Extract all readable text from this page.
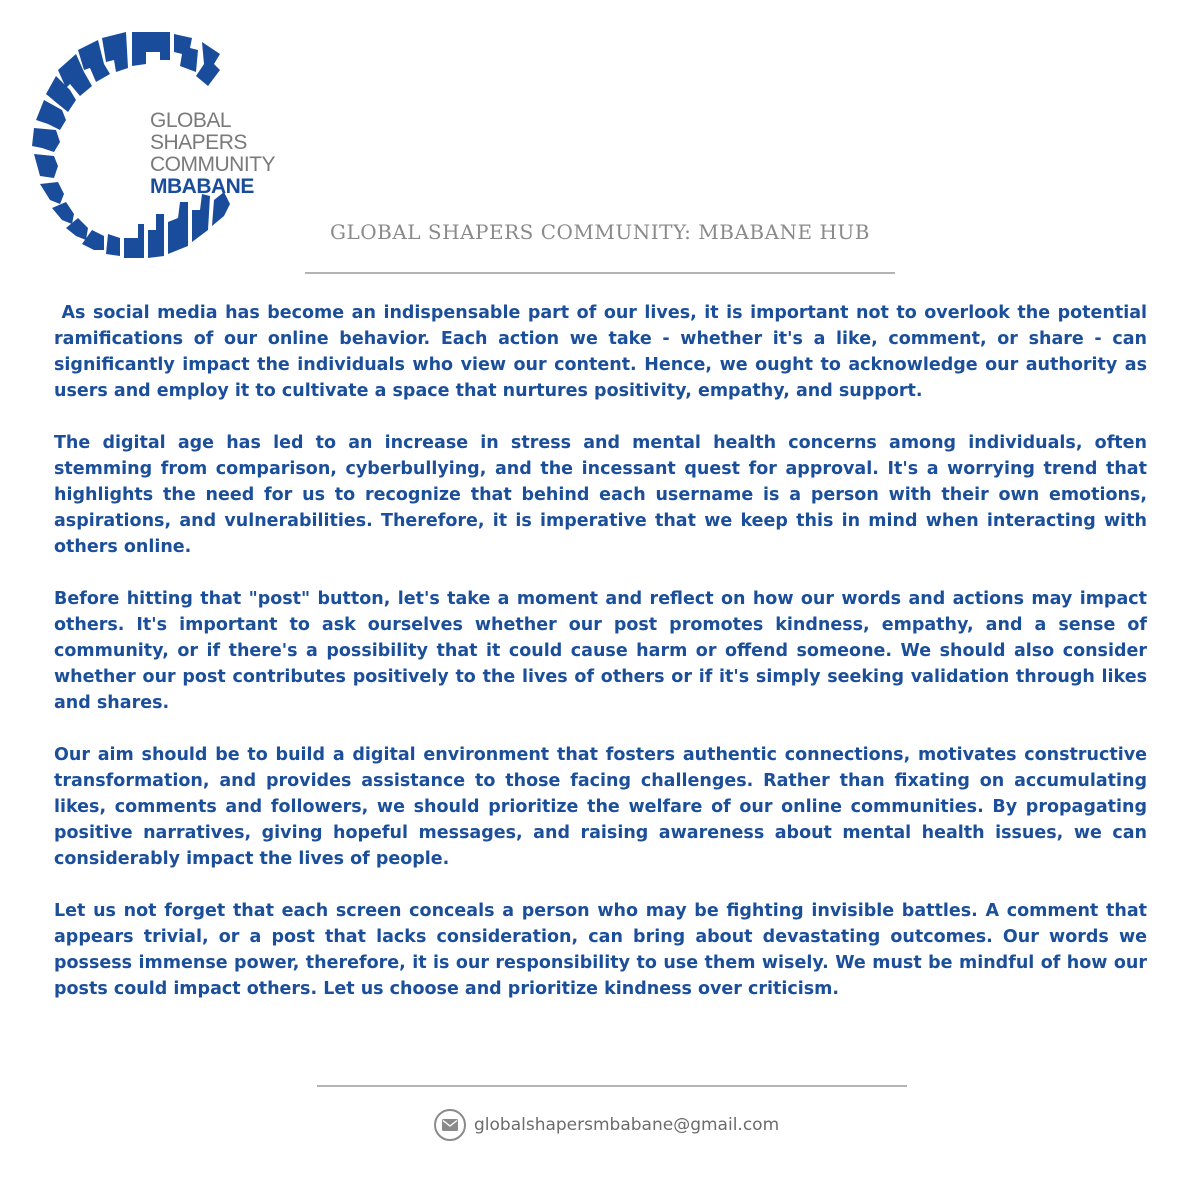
GLOBAL
SHAPERS
COMMUNITY
MBABANE
GLOBAL SHAPERS COMMUNITY: MBABANE HUB

As social media has become an indispensable part of our lives, it is important not to overlook the potential ramifications of our online behavior. Each action we take - whether it's a like, comment, or share - can significantly impact the individuals who view our content. Hence, we ought to acknowledge our authority as users and employ it to cultivate a space that nurtures positivity, empathy, and support.

The digital age has led to an increase in stress and mental health concerns among individuals, often stemming from comparison, cyberbullying, and the incessant quest for approval. It's a worrying trend that highlights the need for us to recognize that behind each username is a person with their own emotions, aspirations, and vulnerabilities. Therefore, it is imperative that we keep this in mind when interacting with others online.

Before hitting that "post" button, let's take a moment and reflect on how our words and actions may impact others. It's important to ask ourselves whether our post promotes kindness, empathy, and a sense of community, or if there's a possibility that it could cause harm or offend someone. We should also consider whether our post contributes positively to the lives of others or if it's simply seeking validation through likes and shares.

Our aim should be to build a digital environment that fosters authentic connections, motivates constructive transformation, and provides assistance to those facing challenges. Rather than fixating on accumulating likes, comments and followers, we should prioritize the welfare of our online communities. By propagating positive narratives, giving hopeful messages, and raising awareness about mental health issues, we can considerably impact the lives of people.

Let us not forget that each screen conceals a person who may be fighting invisible battles. A comment that appears trivial, or a post that lacks consideration, can bring about devastating outcomes. Our words we possess immense power, therefore, it is our responsibility to use them wisely. We must be mindful of how our posts could impact others. Let us choose and prioritize kindness over criticism.

globalshapersmbabane@gmail.com
